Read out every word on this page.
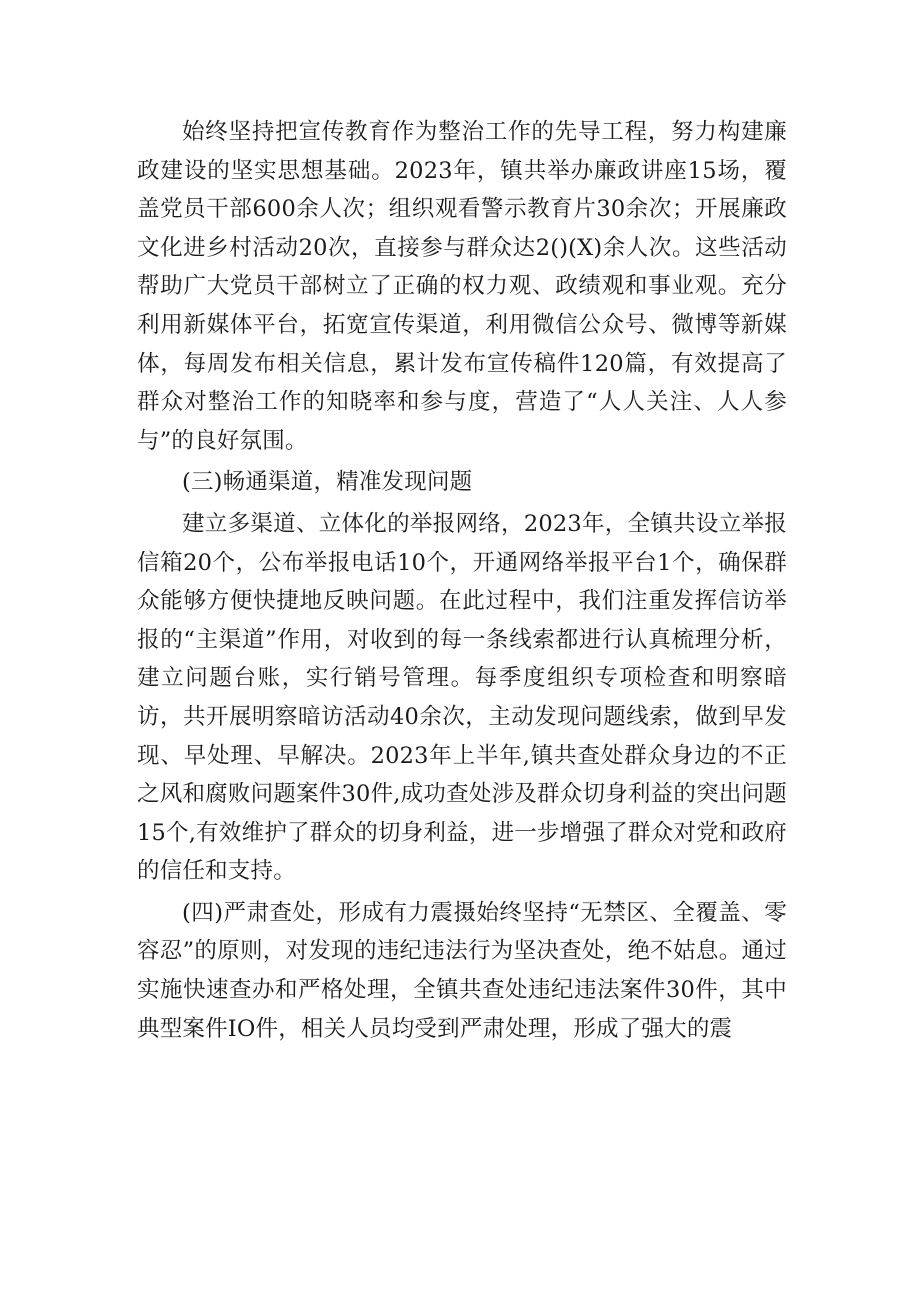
始终坚持把宣传教育作为整治工作的先导工程，努力构建廉政建设的坚实思想基础。2023年，镇共举办廉政讲座15场，覆盖党员干部600余人次；组织观看警示教育片30余次；开展廉政文化进乡村活动20次，直接参与群众达2()(X)余人次。这些活动帮助广大党员干部树立了正确的权力观、政绩观和事业观。充分利用新媒体平台，拓宽宣传渠道，利用微信公众号、微博等新媒体，每周发布相关信息，累计发布宣传稿件120篇，有效提高了群众对整治工作的知晓率和参与度，营造了“人人关注、人人参与”的良好氛围。

(三)畅通渠道，精准发现问题

建立多渠道、立体化的举报网络，2023年，全镇共设立举报信箱20个，公布举报电话10个，开通网络举报平台1个，确保群众能够方便快捷地反映问题。在此过程中，我们注重发挥信访举报的“主渠道”作用，对收到的每一条线索都进行认真梳理分析，建立问题台账，实行销号管理。每季度组织专项检查和明察暗访，共开展明察暗访活动40余次，主动发现问题线索，做到早发现、早处理、早解决。2023年上半年,镇共查处群众身边的不正之风和腐败问题案件30件,成功查处涉及群众切身利益的突出问题15个,有效维护了群众的切身利益，进一步增强了群众对党和政府的信任和支持。

(四)严肃查处，形成有力震摄始终坚持“无禁区、全覆盖、零容忍”的原则，对发现的违纪违法行为坚决查处，绝不姑息。通过实施快速查办和严格处理，全镇共查处违纪违法案件30件，其中典型案件IO件，相关人员均受到严肃处理，形成了强大的震
